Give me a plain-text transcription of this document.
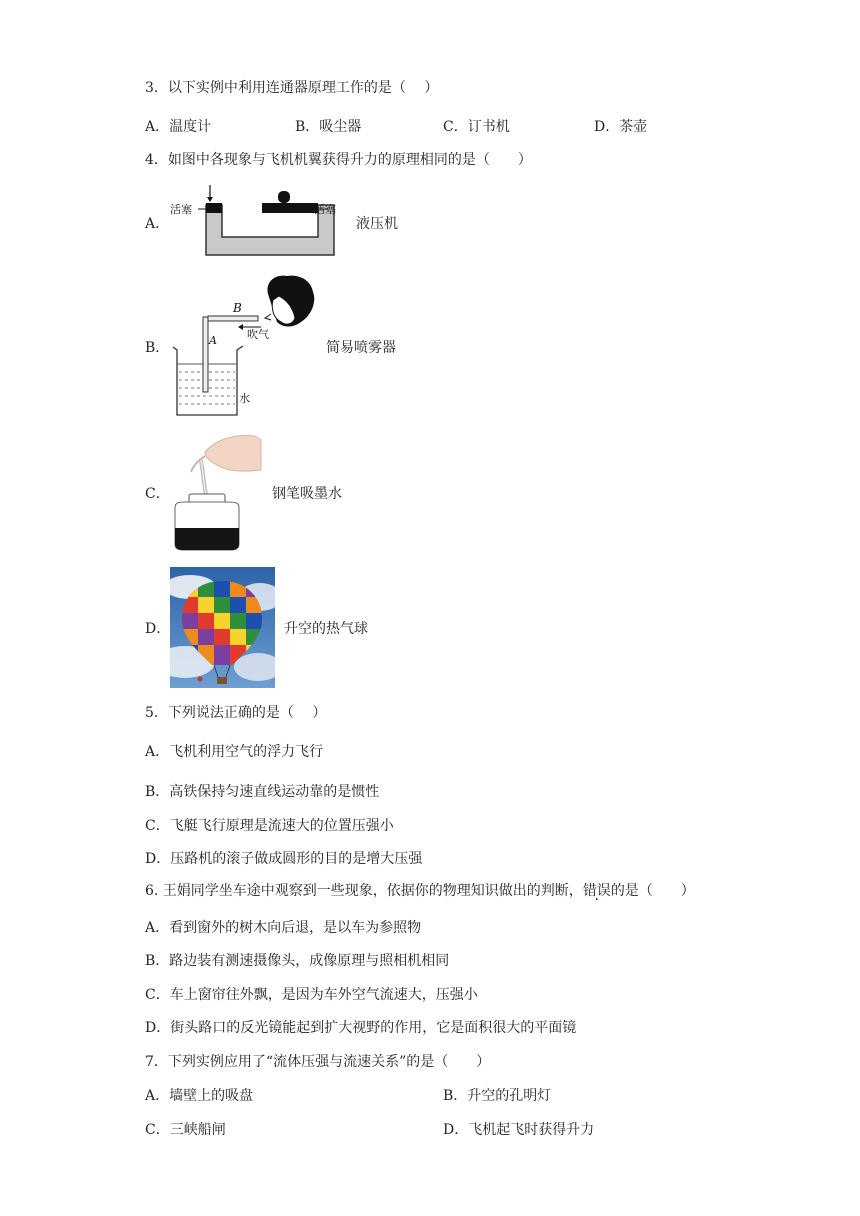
3．以下实例中利用连通器原理工作的是（　 ）
A．温度计	B．吸尘器	C．订书机	D．茶壶
4．如图中各现象与飞机机翼获得升力的原理相同的是（　　）
A．
活塞	活塞
液压机
B．
B
A	吹气
水
简易喷雾器
C．	钢笔吸墨水
D．	升空的热气球
5．下列说法正确的是（　 ）
A．飞机利用空气的浮力飞行
B．高铁保持匀速直线运动靠的是惯性
C．飞艇飞行原理是流速大的位置压强小
D．压路机的滚子做成圆形的目的是增大压强
6. 王娟同学坐车途中观察到一些现象，依据你的物理知识做出的判断，错误的是（　　）
A．看到窗外的树木向后退，是以车为参照物
B．路边装有测速摄像头，成像原理与照相机相同
C．车上窗帘往外飘，是因为车外空气流速大，压强小
D．街头路口的反光镜能起到扩大视野的作用，它是面积很大的平面镜
7．下列实例应用了“流体压强与流速关系”的是（　　）
A．墙壁上的吸盘	B．升空的孔明灯
C．三峡船闸	D．飞机起飞时获得升力
